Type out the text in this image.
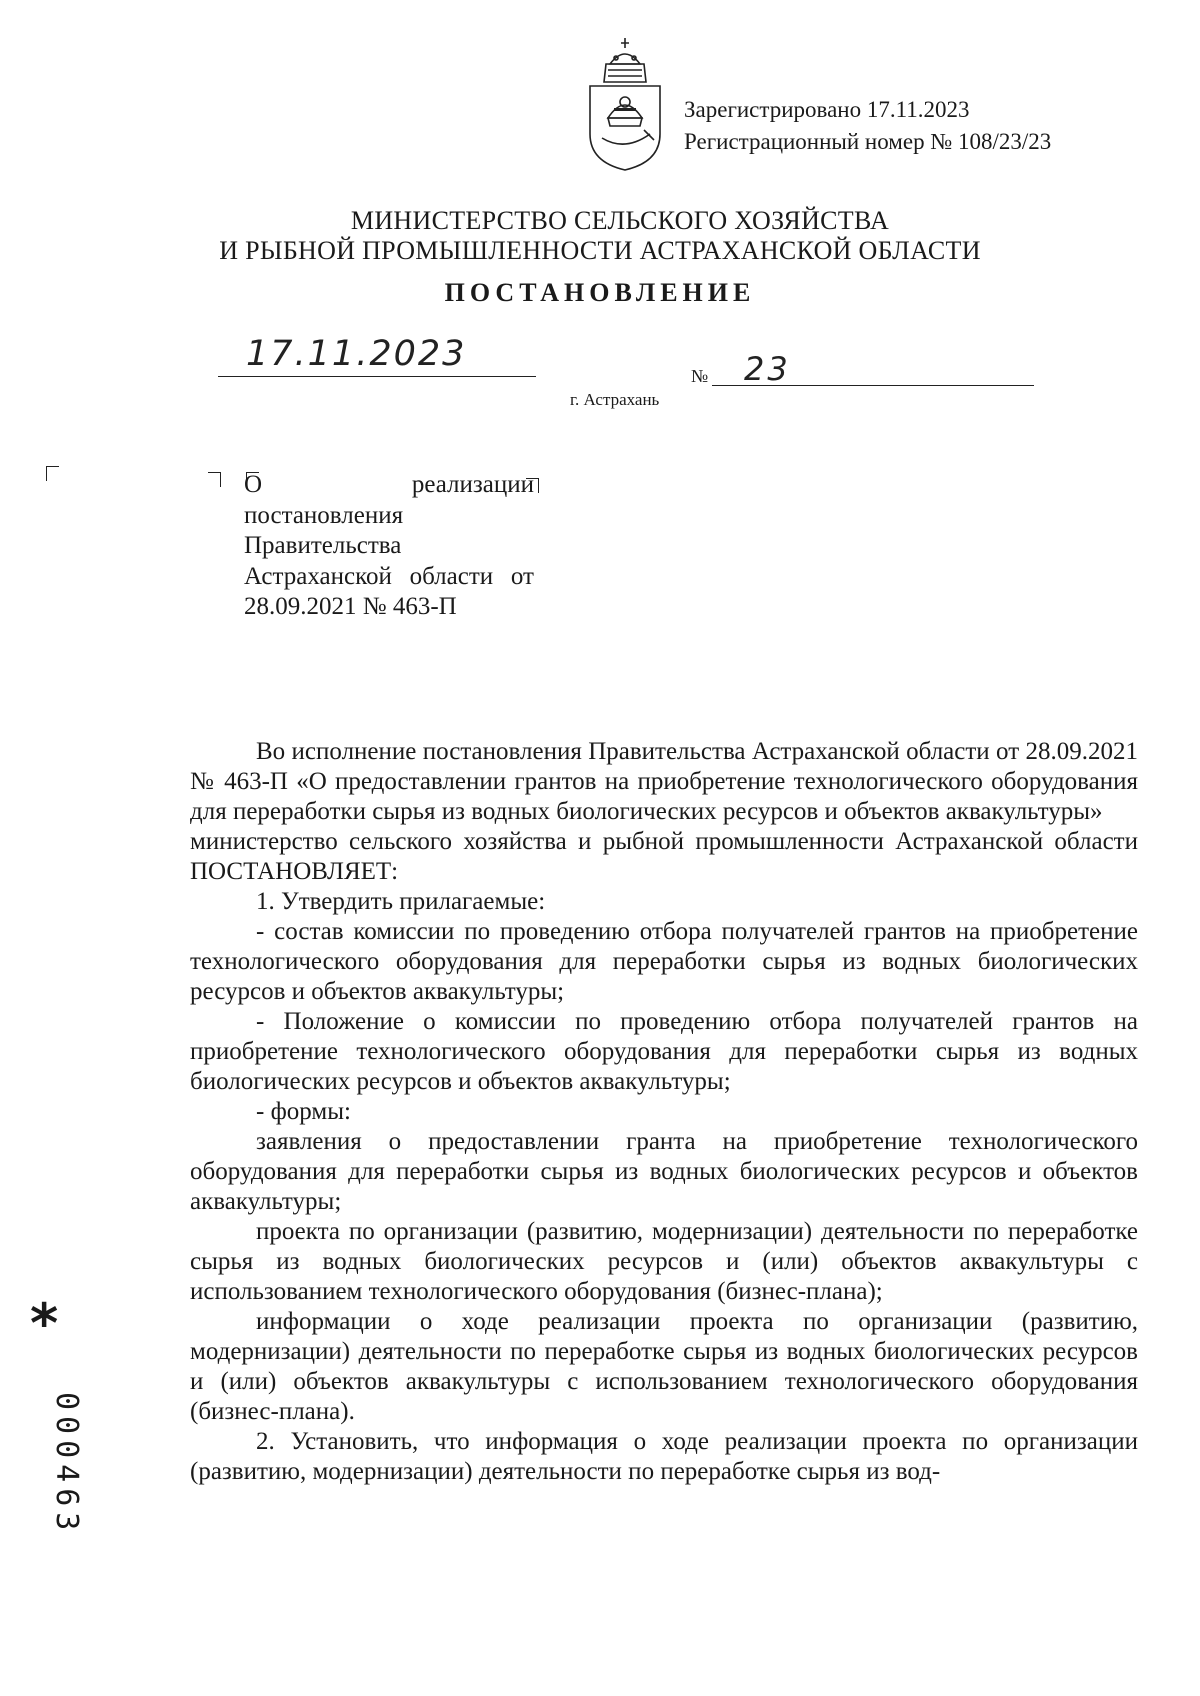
Зарегистрировано 17.11.2023
Регистрационный номер № 108/23/23
МИНИСТЕРСТВО СЕЛЬСКОГО ХОЗЯЙСТВА
И РЫБНОЙ ПРОМЫШЛЕННОСТИ АСТРАХАНСКОЙ ОБЛАСТИ
ПОСТАНОВЛЕНИЕ
17.11.2023
№ 23
г. Астрахань
О реализации постановления Правительства Астраханской области от 28.09.2021 № 463-П

Во исполнение постановления Правительства Астраханской области от 28.09.2021 № 463-П «О предоставлении грантов на приобретение технологического оборудования для переработки сырья из водных биологических ресурсов и объектов аквакультуры»

министерство сельского хозяйства и рыбной промышленности Астраханской области ПОСТАНОВЛЯЕТ:

1. Утвердить прилагаемые:

- состав комиссии по проведению отбора получателей грантов на приобретение технологического оборудования для переработки сырья из водных биологических ресурсов и объектов аквакультуры;

- Положение о комиссии по проведению отбора получателей грантов на приобретение технологического оборудования для переработки сырья из водных биологических ресурсов и объектов аквакультуры;

- формы:

заявления о предоставлении гранта на приобретение технологического оборудования для переработки сырья из водных биологических ресурсов и объектов аквакультуры;

проекта по организации (развитию, модернизации) деятельности по переработке сырья из водных биологических ресурсов и (или) объектов аквакультуры с использованием технологического оборудования (бизнес-плана);

информации о ходе реализации проекта по организации (развитию, модернизации) деятельности по переработке сырья из водных биологических ресурсов и (или) объектов аквакультуры с использованием технологического оборудования (бизнес-плана).

2. Установить, что информация о ходе реализации проекта по организации (развитию, модернизации) деятельности по переработке сырья из вод-

*
000463
